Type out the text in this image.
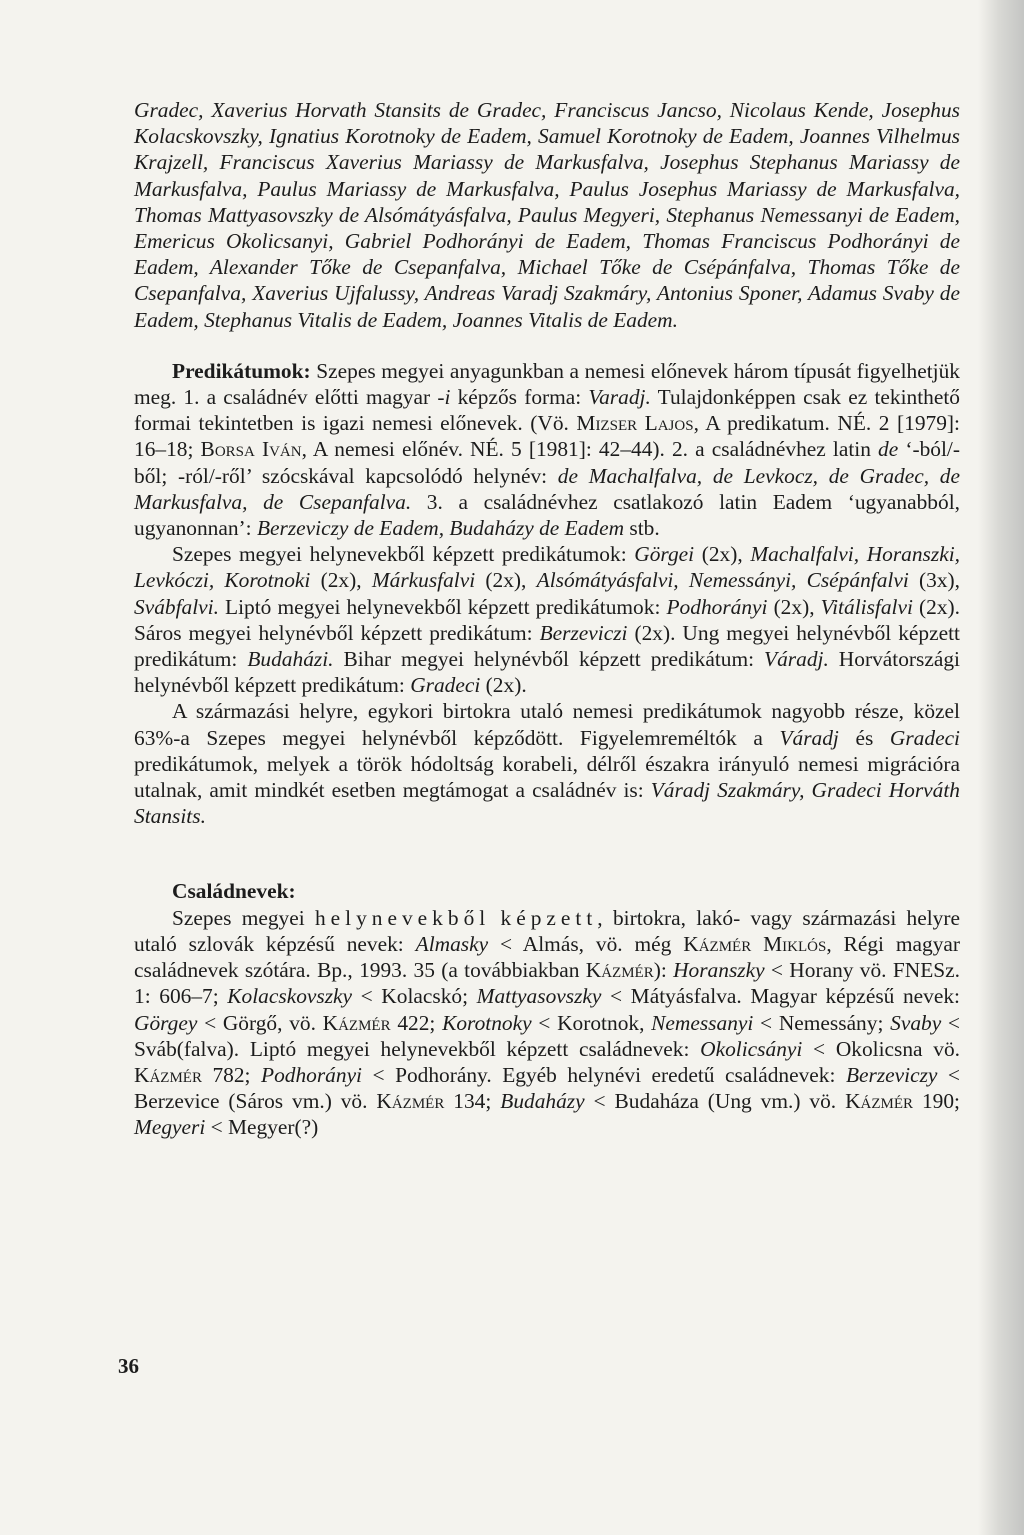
Gradec, Xaverius Horvath Stansits de Gradec, Franciscus Jancso, Nicolaus Kende, Josephus Kolacskovszky, Ignatius Korotnoky de Eadem, Samuel Korotnoky de Eadem, Joannes Vilhelmus Krajzell, Franciscus Xaverius Mariassy de Markusfalva, Josephus Stephanus Mariassy de Markusfalva, Paulus Mariassy de Markusfalva, Paulus Josephus Mariassy de Markusfalva, Thomas Mattyasovszky de Alsómátyásfalva, Paulus Megyeri, Stephanus Nemessanyi de Eadem, Emericus Okolicsanyi, Gabriel Podhorányi de Eadem, Thomas Franciscus Podhorányi de Eadem, Alexander Tőke de Csepanfalva, Michael Tőke de Csépánfalva, Thomas Tőke de Csepanfalva, Xaverius Ujfalussy, Andreas Varadj Szakmáry, Antonius Sponer, Adamus Svaby de Eadem, Stephanus Vitalis de Eadem, Joannes Vitalis de Eadem.

Predikátumok: Szepes megyei anyagunkban a nemesi előnevek három típusát figyelhetjük meg. 1. a családnév előtti magyar -i képzős forma: Varadj. Tulajdonképpen csak ez tekinthető formai tekintetben is igazi nemesi előnevek. (Vö. Mizser Lajos, A predikatum. NÉ. 2 [1979]: 16–18; Borsa Iván, A nemesi előnév. NÉ. 5 [1981]: 42–44). 2. a családnévhez latin de ‘-ból/-ből; -ról/-ről’ szócskával kapcsolódó helynév: de Machalfalva, de Levkocz, de Gradec, de Markusfalva, de Csepanfalva. 3. a családnévhez csatlakozó latin Eadem ‘ugyanabból, ugyanonnan’: Berzeviczy de Eadem, Budaházy de Eadem stb.

Szepes megyei helynevekből képzett predikátumok: Görgei (2x), Machalfalvi, Horanszki, Levkóczi, Korotnoki (2x), Márkusfalvi (2x), Alsómátyásfalvi, Nemessányi, Csépánfalvi (3x), Svábfalvi. Liptó megyei helynevekből képzett predikátumok: Podhorányi (2x), Vitálisfalvi (2x). Sáros megyei helynévből képzett predikátum: Berzeviczi (2x). Ung megyei helynévből képzett predikátum: Budaházi. Bihar megyei helynévből képzett predikátum: Váradj. Horvátországi helynévből képzett predikátum: Gradeci (2x).

A származási helyre, egykori birtokra utaló nemesi predikátumok nagyobb része, közel 63%-a Szepes megyei helynévből képződött. Figyelemreméltók a Váradj és Gradeci predikátumok, melyek a török hódoltság korabeli, délről északra irányuló nemesi migrációra utalnak, amit mindkét esetben megtámogat a családnév is: Váradj Szakmáry, Gradeci Horváth Stansits.

Családnevek:

Szepes megyei helynevekből képzett, birtokra, lakó- vagy származási helyre utaló szlovák képzésű nevek: Almasky < Almás, vö. még Kázmér Miklós, Régi magyar családnevek szótára. Bp., 1993. 35 (a továbbiakban Kázmér): Horanszky < Horany vö. FNESz. 1: 606–7; Kolacskovszky < Kolacskó; Mattyasovszky < Mátyásfalva. Magyar képzésű nevek: Görgey < Görgő, vö. Kázmér 422; Korotnoky < Korotnok, Nemessanyi < Nemessány; Svaby < Sváb(falva). Liptó megyei helynevekből képzett családnevek: Okolicsányi < Okolicsna vö. Kázmér 782; Podhorányi < Podhorány. Egyéb helynévi eredetű családnevek: Berzeviczy < Berzevice (Sáros vm.) vö. Kázmér 134; Budaházy < Budaháza (Ung vm.) vö. Kázmér 190; Megyeri < Megyer(?)

36
